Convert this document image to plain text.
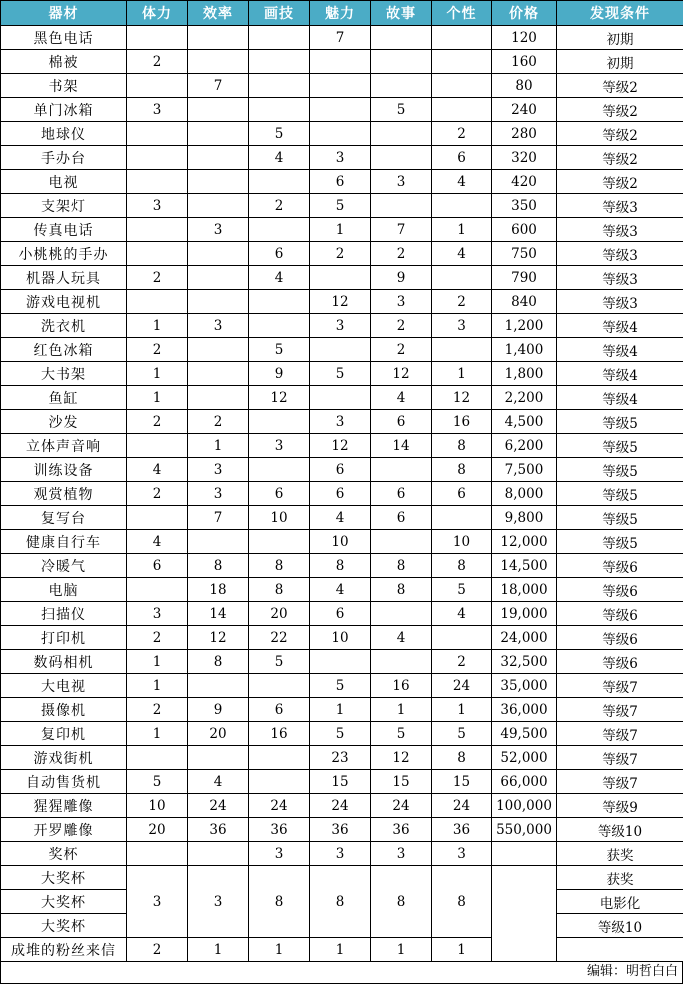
器材	体力	效率	画技	魅力	故事	个性	价格	发现条件
黑色电话				7			120	初期
棉被	2						160	初期
书架		7					80	等级2
单门冰箱	3				5		240	等级2
地球仪			5			2	280	等级2
手办台			4	3		6	320	等级2
电视				6	3	4	420	等级2
支架灯	3		2	5			350	等级3
传真电话		3		1	7	1	600	等级3
小桃桃的手办			6	2	2	4	750	等级3
机器人玩具	2		4		9		790	等级3
游戏电视机				12	3	2	840	等级3
洗衣机	1	3		3	2	3	1,200	等级4
红色冰箱	2		5		2		1,400	等级4
大书架	1		9	5	12	1	1,800	等级4
鱼缸	1		12		4	12	2,200	等级4
沙发	2	2		3	6	16	4,500	等级5
立体声音响		1	3	12	14	8	6,200	等级5
训练设备	4	3		6		8	7,500	等级5
观赏植物	2	3	6	6	6	6	8,000	等级5
复写台		7	10	4	6		9,800	等级5
健康自行车	4			10		10	12,000	等级5
冷暖气	6	8	8	8	8	8	14,500	等级6
电脑		18	8	4	8	5	18,000	等级6
扫描仪	3	14	20	6		4	19,000	等级6
打印机	2	12	22	10	4		24,000	等级6
数码相机	1	8	5			2	32,500	等级6
大电视	1			5	16	24	35,000	等级7
摄像机	2	9	6	1	1	1	36,000	等级7
复印机	1	20	16	5	5	5	49,500	等级7
游戏街机				23	12	8	52,000	等级7
自动售货机	5	4		15	15	15	66,000	等级7
猩猩雕像	10	24	24	24	24	24	100,000	等级9
开罗雕像	20	36	36	36	36	36	550,000	等级10
奖杯			3	3	3	3		获奖
大奖杯	3	3	8	8	8	8		获奖
大奖杯								电影化
大奖杯								等级10
成堆的粉丝来信	2	1	1	1	1	1		
编辑：明哲白白
